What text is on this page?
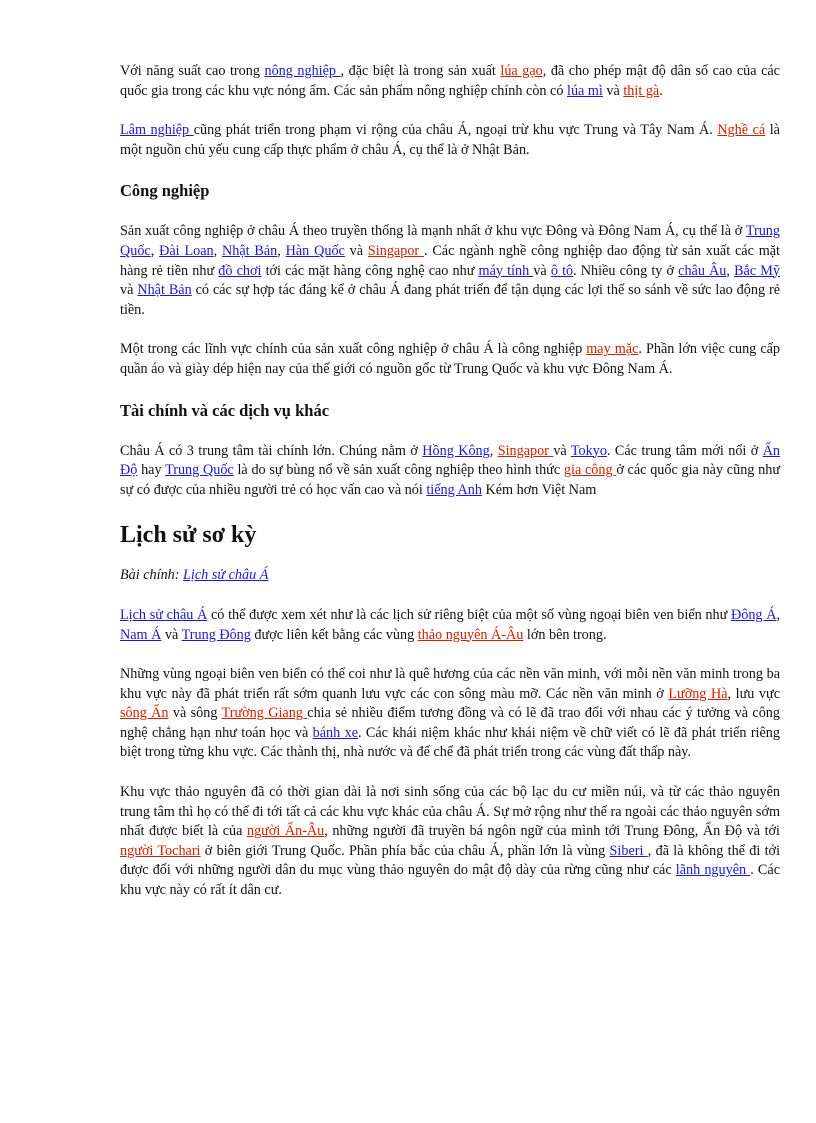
Với năng suất cao trong nông nghiệp , đặc biệt là trong sản xuất lúa gạo, đã cho phép mật độ dân số cao của các quốc gia trong các khu vực nóng ẩm. Các sản phẩm nông nghiệp chính còn có lúa mì và thịt gà.

Lâm nghiệp cũng phát triển trong phạm vi rộng của châu Á, ngoại trừ khu vực Trung và Tây Nam Á. Nghề cá là một nguồn chủ yếu cung cấp thực phẩm ở châu Á, cụ thể là ở Nhật Bản.

Công nghiệp

Sản xuất công nghiệp ở châu Á theo truyền thống là mạnh nhất ở khu vực Đông và Đông Nam Á, cụ thể là ở Trung Quốc, Đài Loan, Nhật Bản, Hàn Quốc và Singapor . Các ngành nghề công nghiệp dao động từ sản xuất các mặt hàng rẻ tiền như đồ chơi tới các mặt hàng công nghệ cao như máy tính và ô tô. Nhiều công ty ở châu Âu, Bắc Mỹ và Nhật Bản có các sự hợp tác đáng kể ở châu Á đang phát triển để tận dụng các lợi thế so sánh về sức lao động rẻ tiền.

Một trong các lĩnh vực chính của sản xuất công nghiệp ở châu Á là công nghiệp may mặc. Phần lớn việc cung cấp quần áo và giày dép hiện nay của thế giới có nguồn gốc từ Trung Quốc và khu vực Đông Nam Á.

Tài chính và các dịch vụ khác

Châu Á có 3 trung tâm tài chính lớn. Chúng nằm ở Hồng Kông, Singapor và Tokyo. Các trung tâm mới nổi ở Ấn Độ hay Trung Quốc là do sự bùng nổ về sản xuất công nghiệp theo hình thức gia công ở các quốc gia này cũng như sự có được của nhiều người trẻ có học vấn cao và nói tiếng Anh Kém hơn Việt Nam

Lịch sử sơ kỳ

Bài chính: Lịch sử châu Á

Lịch sử châu Á có thể được xem xét như là các lịch sử riêng biệt của một số vùng ngoại biên ven biển như Đông Á, Nam Á và Trung Đông được liên kết bằng các vùng thảo nguyên Á-Âu lớn bên trong.

Những vùng ngoại biên ven biển có thể coi như là quê hương của các nền văn minh, với mỗi nền văn minh trong ba khu vực này đã phát triển rất sớm quanh lưu vực các con sông màu mỡ. Các nền văn minh ở Lưỡng Hà, lưu vực sông Ấn và sông Trường Giang chia sẻ nhiều điểm tương đồng và có lẽ đã trao đổi với nhau các ý tưởng và công nghệ chẳng hạn như toán học và bánh xe. Các khái niệm khác như khái niệm về chữ viết có lẽ đã phát triển riêng biệt trong từng khu vực. Các thành thị, nhà nước và đế chế đã phát triển trong các vùng đất thấp này.

Khu vực thảo nguyên đã có thời gian dài là nơi sinh sống của các bộ lạc du cư miền núi, và từ các thảo nguyên trung tâm thì họ có thể đi tới tất cả các khu vực khác của châu Á. Sự mở rộng như thế ra ngoài các thảo nguyên sớm nhất được biết là của người Ấn-Âu, những người đã truyền bá ngôn ngữ của mình tới Trung Đông, Ấn Độ và tới người Tochari ở biên giới Trung Quốc. Phần phía bắc của châu Á, phần lớn là vùng Siberi , đã là không thể đi tới được đối với những người dân du mục vùng thảo nguyên do mật độ dày của rừng cũng như các lãnh nguyên . Các khu vực này có rất ít dân cư.
